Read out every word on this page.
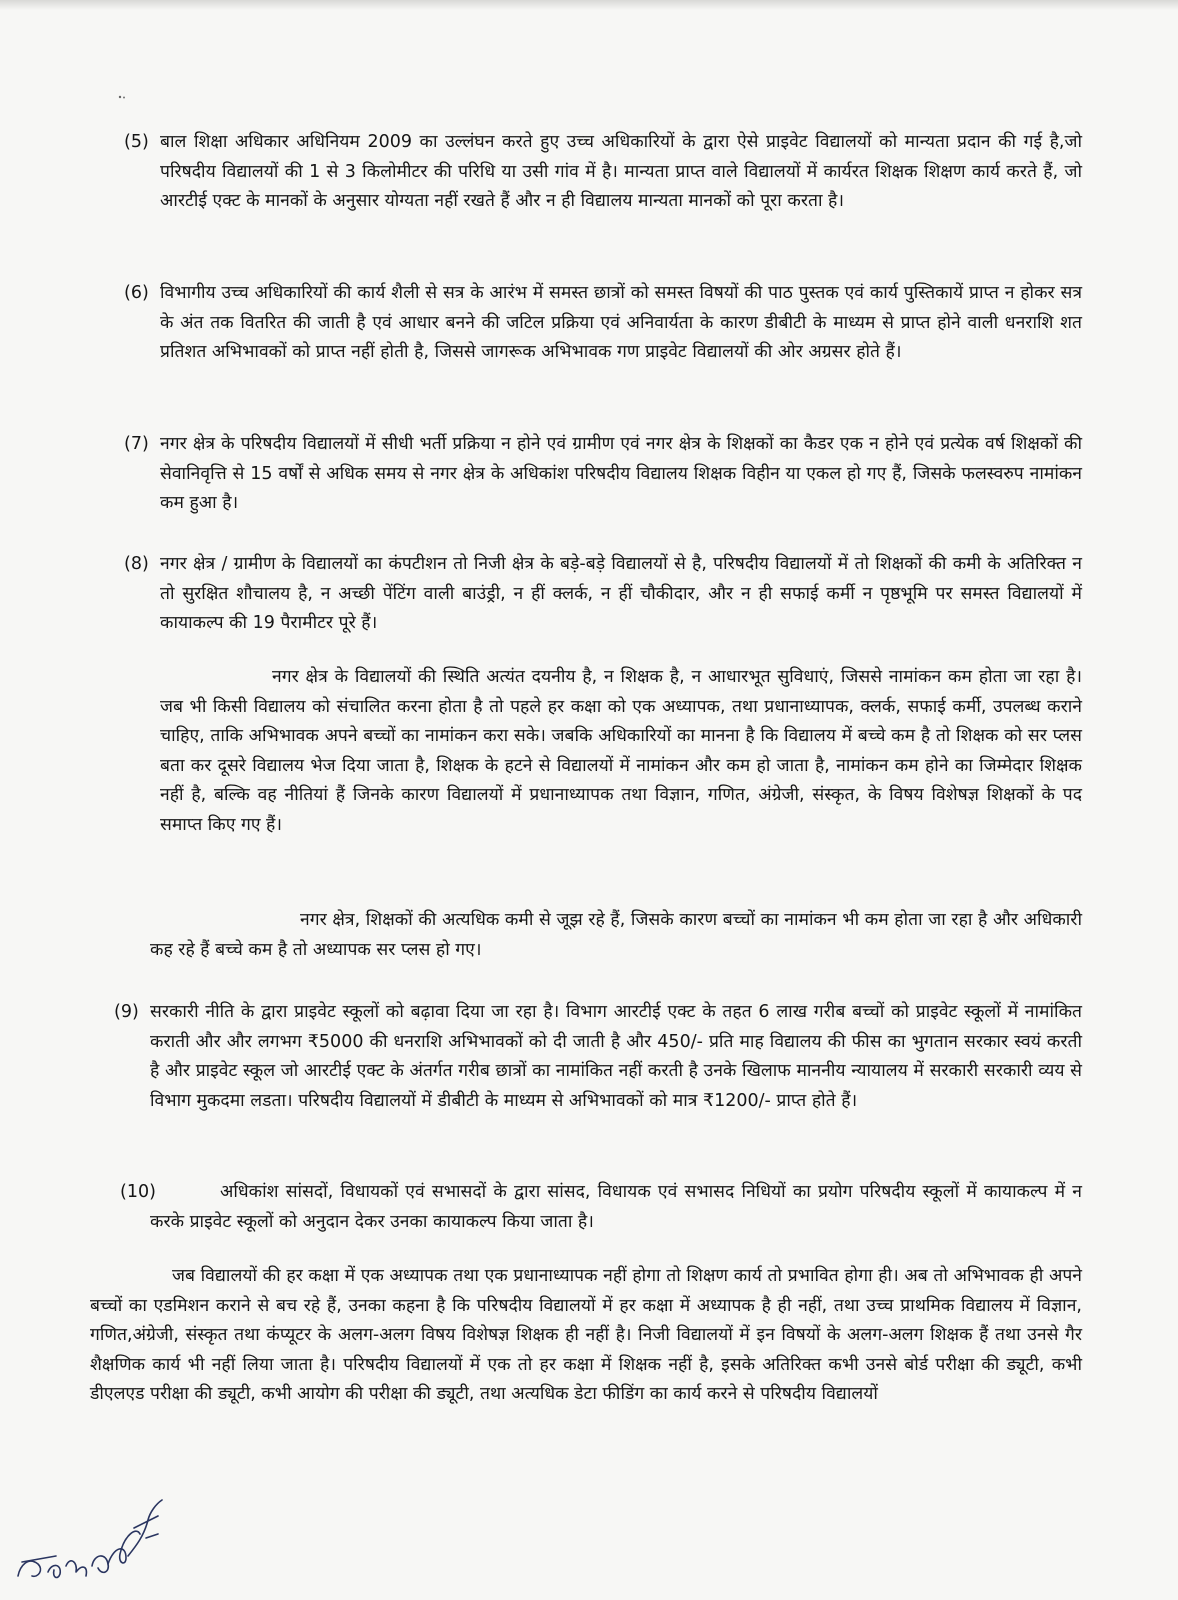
(5) बाल शिक्षा अधिकार अधिनियम 2009 का उल्लंघन करते हुए उच्च अधिकारियों के द्वारा ऐसे प्राइवेट विद्यालयों को मान्यता प्रदान की गई है,जो परिषदीय विद्यालयों की 1 से 3 किलोमीटर की परिधि या उसी गांव में है। मान्यता प्राप्त वाले विद्यालयों में कार्यरत शिक्षक शिक्षण कार्य करते हैं, जो आरटीई एक्ट के मानकों के अनुसार योग्यता नहीं रखते हैं और न ही विद्यालय मान्यता मानकों को पूरा करता है।
(6) विभागीय उच्च अधिकारियों की कार्य शैली से सत्र के आरंभ में समस्त छात्रों को समस्त विषयों की पाठ पुस्तक एवं कार्य पुस्तिकायें प्राप्त न होकर सत्र के अंत तक वितरित की जाती है एवं आधार बनने की जटिल प्रक्रिया एवं अनिवार्यता के कारण डीबीटी के माध्यम से प्राप्त होने वाली धनराशि शत प्रतिशत अभिभावकों को प्राप्त नहीं होती है, जिससे जागरूक अभिभावक गण प्राइवेट विद्यालयों की ओर अग्रसर होते हैं।
(7) नगर क्षेत्र के परिषदीय विद्यालयों में सीधी भर्ती प्रक्रिया न होने एवं ग्रामीण एवं नगर क्षेत्र के शिक्षकों का कैडर एक न होने एवं प्रत्येक वर्ष शिक्षकों की सेवानिवृत्ति से 15 वर्षों से अधिक समय से नगर क्षेत्र के अधिकांश परिषदीय विद्यालय शिक्षक विहीन या एकल हो गए हैं, जिसके फलस्वरुप नामांकन कम हुआ है।
(8) नगर क्षेत्र / ग्रामीण के विद्यालयों का कंपटीशन तो निजी क्षेत्र के बड़े-बड़े विद्यालयों से है, परिषदीय विद्यालयों में तो शिक्षकों की कमी के अतिरिक्त न तो सुरक्षित शौचालय है, न अच्छी पेंटिंग वाली बाउंड्री, न हीं क्लर्क, न हीं चौकीदार, और न ही सफाई कर्मी न पृष्ठभूमि पर समस्त विद्यालयों में कायाकल्प की 19 पैरामीटर पूरे हैं।
नगर क्षेत्र के विद्यालयों की स्थिति अत्यंत दयनीय है, न शिक्षक है, न आधारभूत सुविधाएं, जिससे नामांकन कम होता जा रहा है। जब भी किसी विद्यालय को संचालित करना होता है तो पहले हर कक्षा को एक अध्यापक, तथा प्रधानाध्यापक, क्लर्क, सफाई कर्मी, उपलब्ध कराने चाहिए, ताकि अभिभावक अपने बच्चों का नामांकन करा सके। जबकि अधिकारियों का मानना है कि विद्यालय में बच्चे कम है तो शिक्षक को सर प्लस बता कर दूसरे विद्यालय भेज दिया जाता है, शिक्षक के हटने से विद्यालयों में नामांकन और कम हो जाता है, नामांकन कम होने का जिम्मेदार शिक्षक नहीं है, बल्कि वह नीतियां हैं जिनके कारण विद्यालयों में प्रधानाध्यापक तथा विज्ञान, गणित, अंग्रेजी, संस्कृत, के विषय विशेषज्ञ शिक्षकों के पद समाप्त किए गए हैं।
नगर क्षेत्र, शिक्षकों की अत्यधिक कमी से जूझ रहे हैं, जिसके कारण बच्चों का नामांकन भी कम होता जा रहा है और अधिकारी कह रहे हैं बच्चे कम है तो अध्यापक सर प्लस हो गए।
(9) सरकारी नीति के द्वारा प्राइवेट स्कूलों को बढ़ावा दिया जा रहा है। विभाग आरटीई एक्ट के तहत 6 लाख गरीब बच्चों को प्राइवेट स्कूलों में नामांकित कराती और और लगभग ₹5000 की धनराशि अभिभावकों को दी जाती है और 450/- प्रति माह विद्यालय की फीस का भुगतान सरकार स्वयं करती है और प्राइवेट स्कूल जो आरटीई एक्ट के अंतर्गत गरीब छात्रों का नामांकित नहीं करती है उनके खिलाफ माननीय न्यायालय में सरकारी सरकारी व्यय से विभाग मुकदमा लडता। परिषदीय विद्यालयों में डीबीटी के माध्यम से अभिभावकों को मात्र ₹1200/- प्राप्त होते हैं।
(10)	अधिकांश सांसदों, विधायकों एवं सभासदों के द्वारा सांसद, विधायक एवं सभासद निधियों का प्रयोग परिषदीय स्कूलों में कायाकल्प में न करके प्राइवेट स्कूलों को अनुदान देकर उनका कायाकल्प किया जाता है।
जब विद्यालयों की हर कक्षा में एक अध्यापक तथा एक प्रधानाध्यापक नहीं होगा तो शिक्षण कार्य तो प्रभावित होगा ही। अब तो अभिभावक ही अपने बच्चों का एडमिशन कराने से बच रहे हैं, उनका कहना है कि परिषदीय विद्यालयों में हर कक्षा में अध्यापक है ही नहीं, तथा उच्च प्राथमिक विद्यालय में विज्ञान, गणित,अंग्रेजी, संस्कृत तथा कंप्यूटर के अलग-अलग विषय विशेषज्ञ शिक्षक ही नहीं है। निजी विद्यालयों में इन विषयों के अलग-अलग शिक्षक हैं तथा उनसे गैर शैक्षणिक कार्य भी नहीं लिया जाता है। परिषदीय विद्यालयों में एक तो हर कक्षा में शिक्षक नहीं है, इसके अतिरिक्त कभी उनसे बोर्ड परीक्षा की ड्यूटी, कभी डीएलएड परीक्षा की ड्यूटी, कभी आयोग की परीक्षा की ड्यूटी, तथा अत्यधिक डेटा फीडिंग का कार्य करने से परिषदीय विद्यालयों
